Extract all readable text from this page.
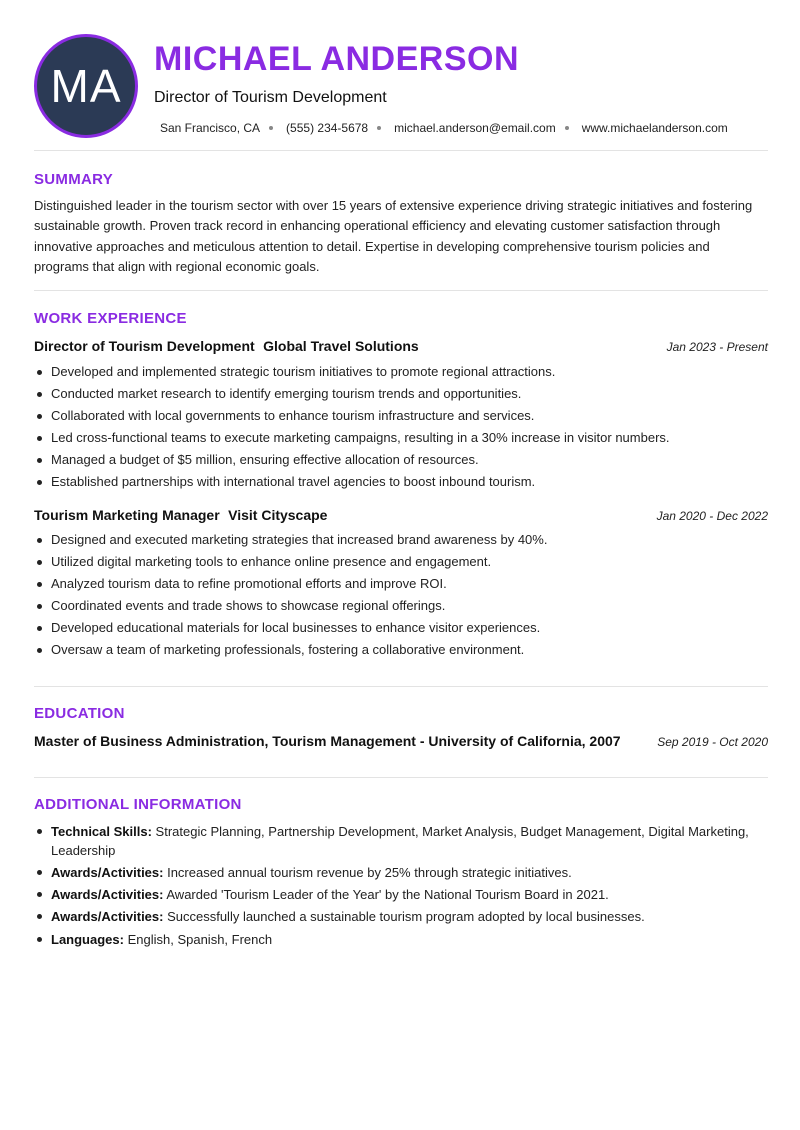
MA
MICHAEL ANDERSON
Director of Tourism Development
San Francisco, CA (555) 234-5678 michael.anderson@email.com www.michaelanderson.com
SUMMARY
Distinguished leader in the tourism sector with over 15 years of extensive experience driving strategic initiatives and fostering sustainable growth. Proven track record in enhancing operational efficiency and elevating customer satisfaction through innovative approaches and meticulous attention to detail. Expertise in developing comprehensive tourism policies and programs that align with regional economic goals.
WORK EXPERIENCE
Director of Tourism Development Global Travel Solutions	Jan 2023 - Present
Developed and implemented strategic tourism initiatives to promote regional attractions.
Conducted market research to identify emerging tourism trends and opportunities.
Collaborated with local governments to enhance tourism infrastructure and services.
Led cross-functional teams to execute marketing campaigns, resulting in a 30% increase in visitor numbers.
Managed a budget of $5 million, ensuring effective allocation of resources.
Established partnerships with international travel agencies to boost inbound tourism.
Tourism Marketing Manager Visit Cityscape	Jan 2020 - Dec 2022
Designed and executed marketing strategies that increased brand awareness by 40%.
Utilized digital marketing tools to enhance online presence and engagement.
Analyzed tourism data to refine promotional efforts and improve ROI.
Coordinated events and trade shows to showcase regional offerings.
Developed educational materials for local businesses to enhance visitor experiences.
Oversaw a team of marketing professionals, fostering a collaborative environment.
EDUCATION
Master of Business Administration, Tourism Management - University of California, 2007	Sep 2019 - Oct 2020
ADDITIONAL INFORMATION
Technical Skills: Strategic Planning, Partnership Development, Market Analysis, Budget Management, Digital Marketing, Leadership
Awards/Activities: Increased annual tourism revenue by 25% through strategic initiatives.
Awards/Activities: Awarded 'Tourism Leader of the Year' by the National Tourism Board in 2021.
Awards/Activities: Successfully launched a sustainable tourism program adopted by local businesses.
Languages: English, Spanish, French
